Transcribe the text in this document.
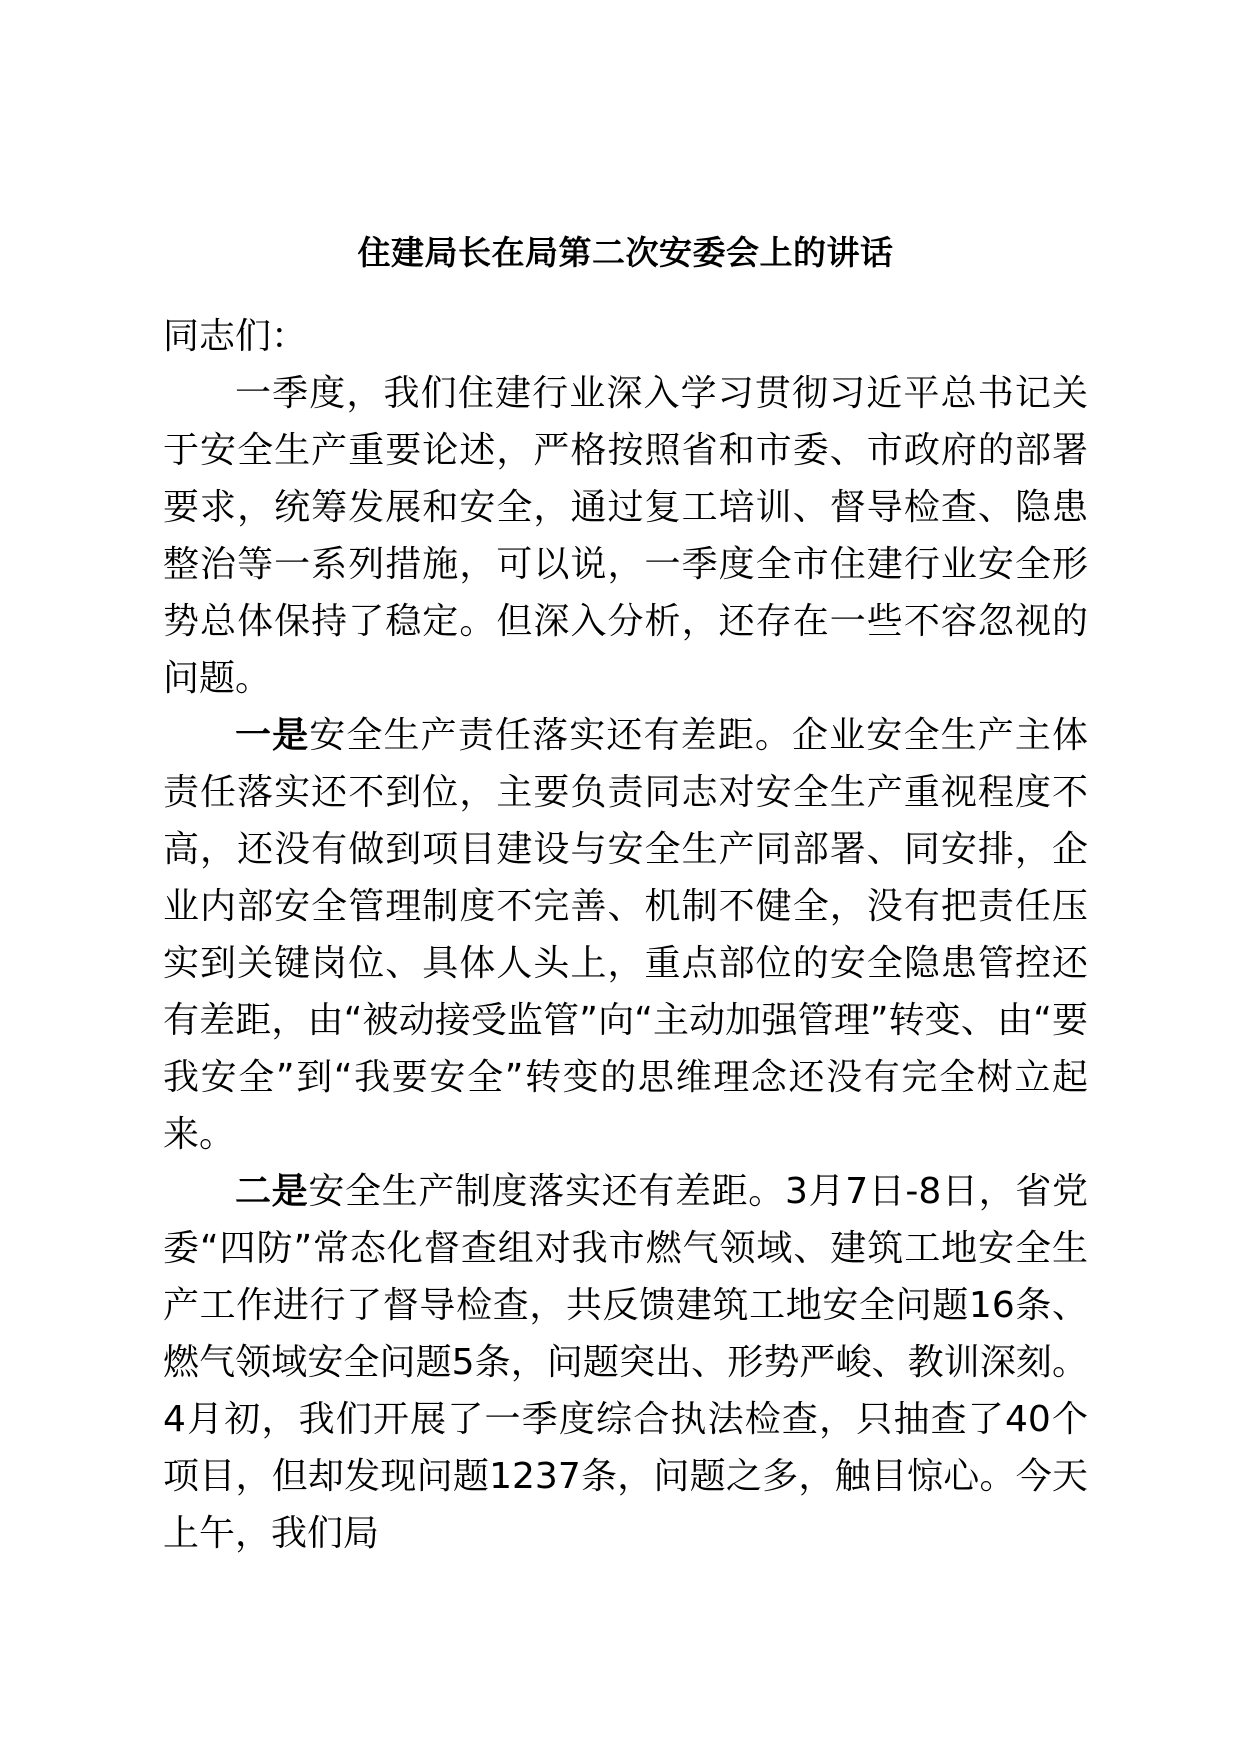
住建局长在局第二次安委会上的讲话

同志们：

一季度，我们住建行业深入学习贯彻习近平总书记关于安全生产重要论述，严格按照省和市委、市政府的部署要求，统筹发展和安全，通过复工培训、督导检查、隐患整治等一系列措施，可以说，一季度全市住建行业安全形势总体保持了稳定。但深入分析，还存在一些不容忽视的问题。

一是安全生产责任落实还有差距。企业安全生产主体责任落实还不到位，主要负责同志对安全生产重视程度不高，还没有做到项目建设与安全生产同部署、同安排，企业内部安全管理制度不完善、机制不健全，没有把责任压实到关键岗位、具体人头上，重点部位的安全隐患管控还有差距，由“被动接受监管”向“主动加强管理”转变、由“要我安全”到“我要安全”转变的思维理念还没有完全树立起来。

二是安全生产制度落实还有差距。3月7日-8日，省党委“四防”常态化督查组对我市燃气领域、建筑工地安全生产工作进行了督导检查，共反馈建筑工地安全问题16条、燃气领域安全问题5条，问题突出、形势严峻、教训深刻。4月初，我们开展了一季度综合执法检查，只抽查了40个项目，但却发现问题1237条，问题之多，触目惊心。今天上午，我们局
